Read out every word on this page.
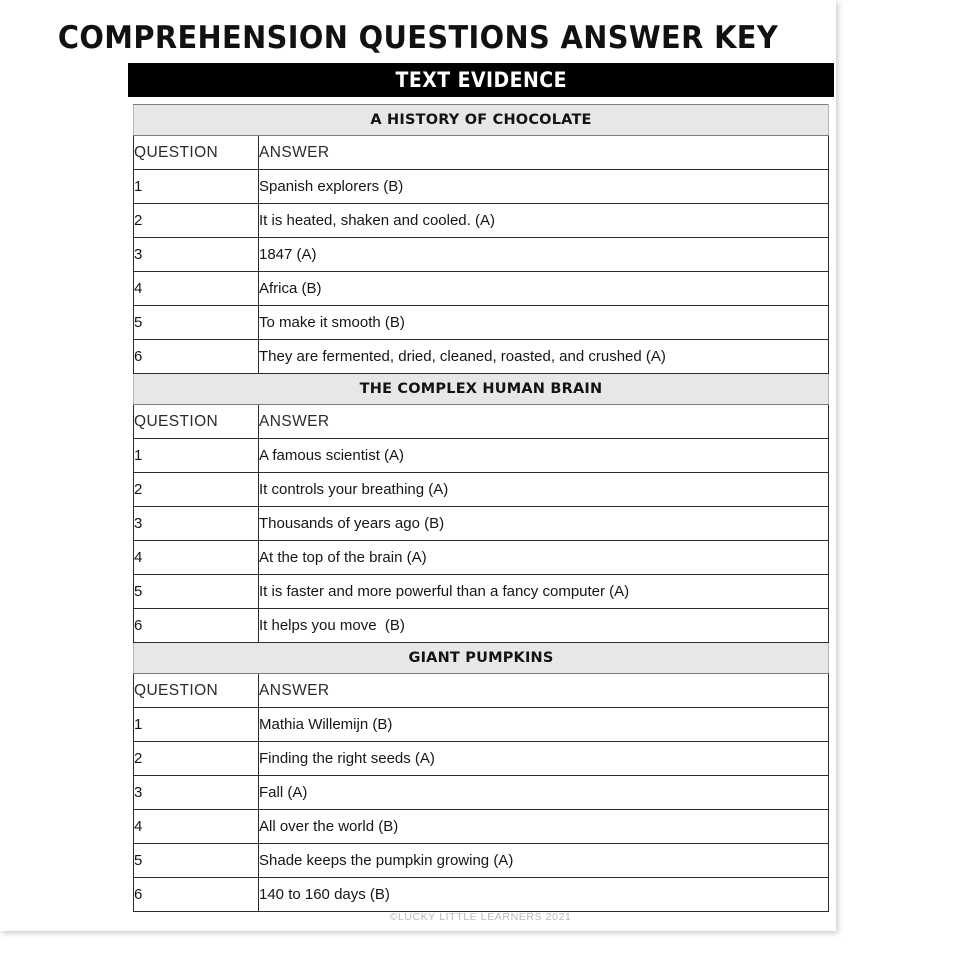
COMPREHENSION QUESTIONS ANSWER KEY
TEXT EVIDENCE
A HISTORY OF CHOCOLATE	
QUESTION	ANSWER
1	Spanish explorers (B)
2	It is heated, shaken and cooled. (A)
3	1847 (A)
4	Africa (B)
5	To make it smooth (B)
6	They are fermented, dried, cleaned, roasted, and crushed (A)
THE COMPLEX HUMAN BRAIN	
QUESTION	ANSWER
1	A famous scientist (A)
2	It controls your breathing (A)
3	Thousands of years ago (B)
4	At the top of the brain (A)
5	It is faster and more powerful than a fancy computer (A)
6	It helps you move  (B)
GIANT PUMPKINS	
QUESTION	ANSWER
1	Mathia Willemijn (B)
2	Finding the right seeds (A)
3	Fall (A)
4	All over the world (B)
5	Shade keeps the pumpkin growing (A)
6	140 to 160 days (B)
©LUCKY LITTLE LEARNERS 2021
